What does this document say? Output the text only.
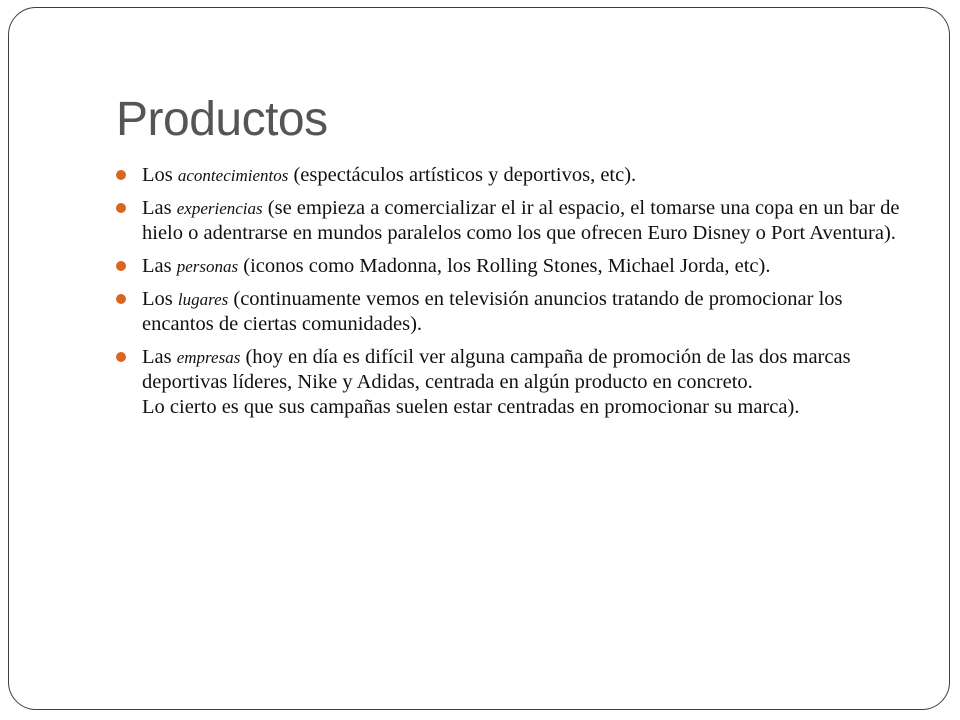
Productos
Los acontecimientos (espectáculos artísticos y deportivos, etc).
Las experiencias (se empieza a comercializar el ir al espacio, el tomarse una copa en un bar de hielo o adentrarse en mundos paralelos como los que ofrecen Euro Disney o Port Aventura).
Las personas (iconos como Madonna, los Rolling Stones, Michael Jorda, etc).
Los lugares (continuamente vemos en televisión anuncios tratando de promocionar los encantos de ciertas comunidades).
Las empresas (hoy en día es difícil ver alguna campaña de promoción de las dos marcas deportivas líderes, Nike y Adidas, centrada en algún producto en concreto.
Lo cierto es que sus campañas suelen estar centradas en promocionar su marca).
